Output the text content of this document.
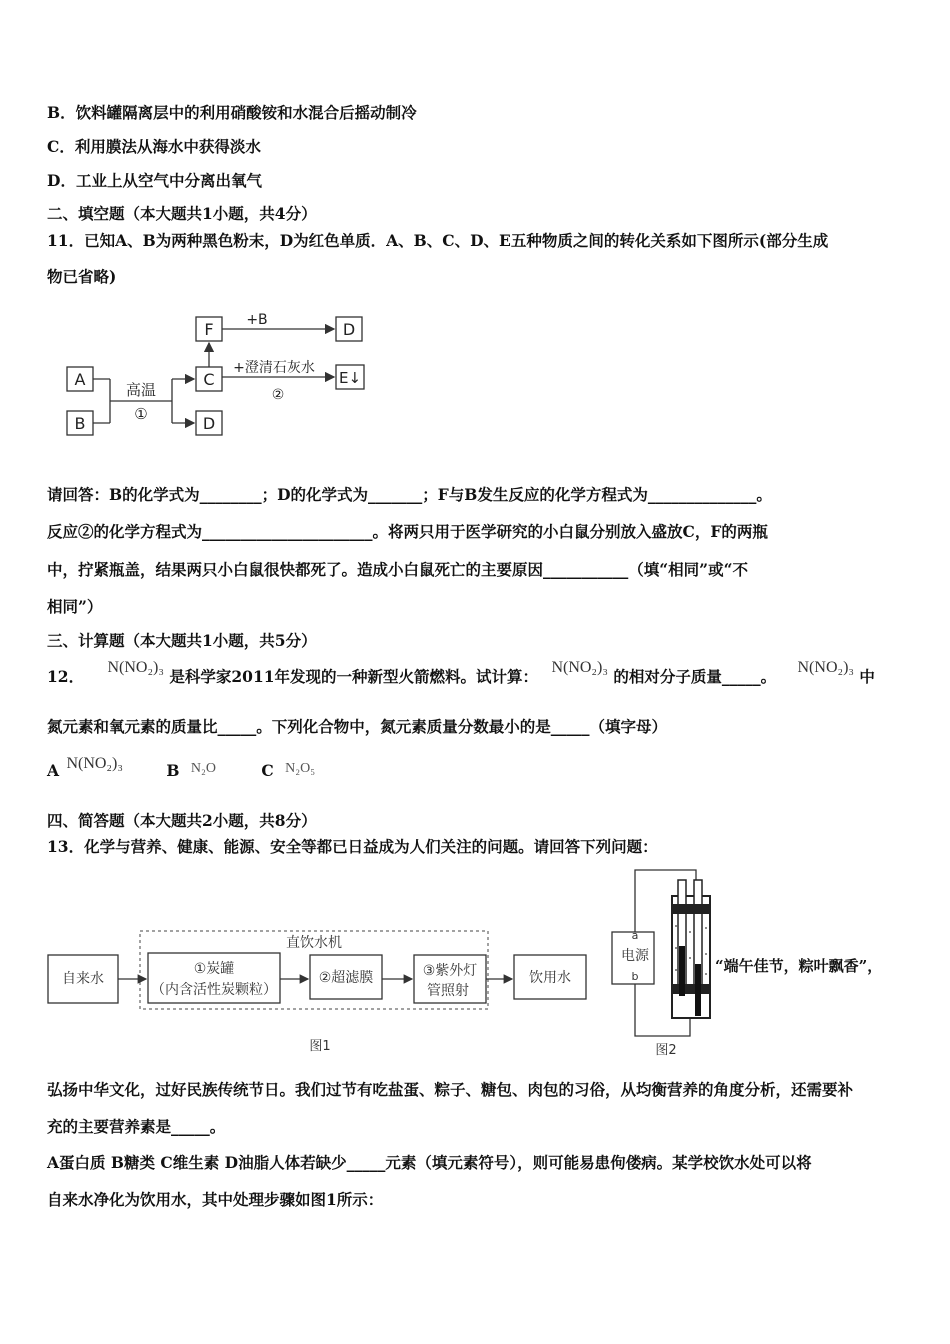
B．饮料罐隔离层中的利用硝酸铵和水混合后摇动制冷
C．利用膜法从海水中获得淡水
D．工业上从空气中分离出氧气
二、填空题（本大题共1小题，共4分）
11．已知A、B为两种黑色粉末，D为红色单质．A、B、C、D、E五种物质之间的转化关系如下图所示(部分生成
物已省略)
A
B
C
D
F	D
E↓
高温
①
+B
+澄清石灰水
②
请回答：B的化学式为________；D的化学式为_______；F与B发生反应的化学方程式为______________。
反应②的化学方程式为______________________。将两只用于医学研究的小白鼠分别放入盛放C，F的两瓶
中，拧紧瓶盖，结果两只小白鼠很快都死了。造成小白鼠死亡的主要原因___________（填“相同”或“不
相同”）
三、计算题（本大题共1小题，共5分）
12． N(NO₂)₃ 是科学家2011年发现的一种新型火箭燃料。试计算： N(NO₂)₃ 的相对分子质量_____。 N(NO₂)₃ 中
氮元素和氧元素的质量比_____。下列化合物中，氮元素质量分数最小的是_____（填字母）
A N(NO₂)₃	B N₂O	C N₂O₅
四、简答题（本大题共2小题，共8分）
13．化学与营养、健康、能源、安全等都已日益成为人们关注的问题。请回答下列问题：
直饮水机
自来水
①炭罐
（内含活性炭颗粒）
②超滤膜	③紫外灯
管照射
饮用水
图1
a
电源
b
图2
“端午佳节，粽叶飘香”，
弘扬中华文化，过好民族传统节日。我们过节有吃盐蛋、粽子、糖包、肉包的习俗，从均衡营养的角度分析，还需要补
充的主要营养素是_____。
A蛋白质 B糖类 C维生素 D油脂人体若缺少_____元素（填元素符号），则可能易患佝偻病。某学校饮水处可以将
自来水净化为饮用水，其中处理步骤如图1所示：
